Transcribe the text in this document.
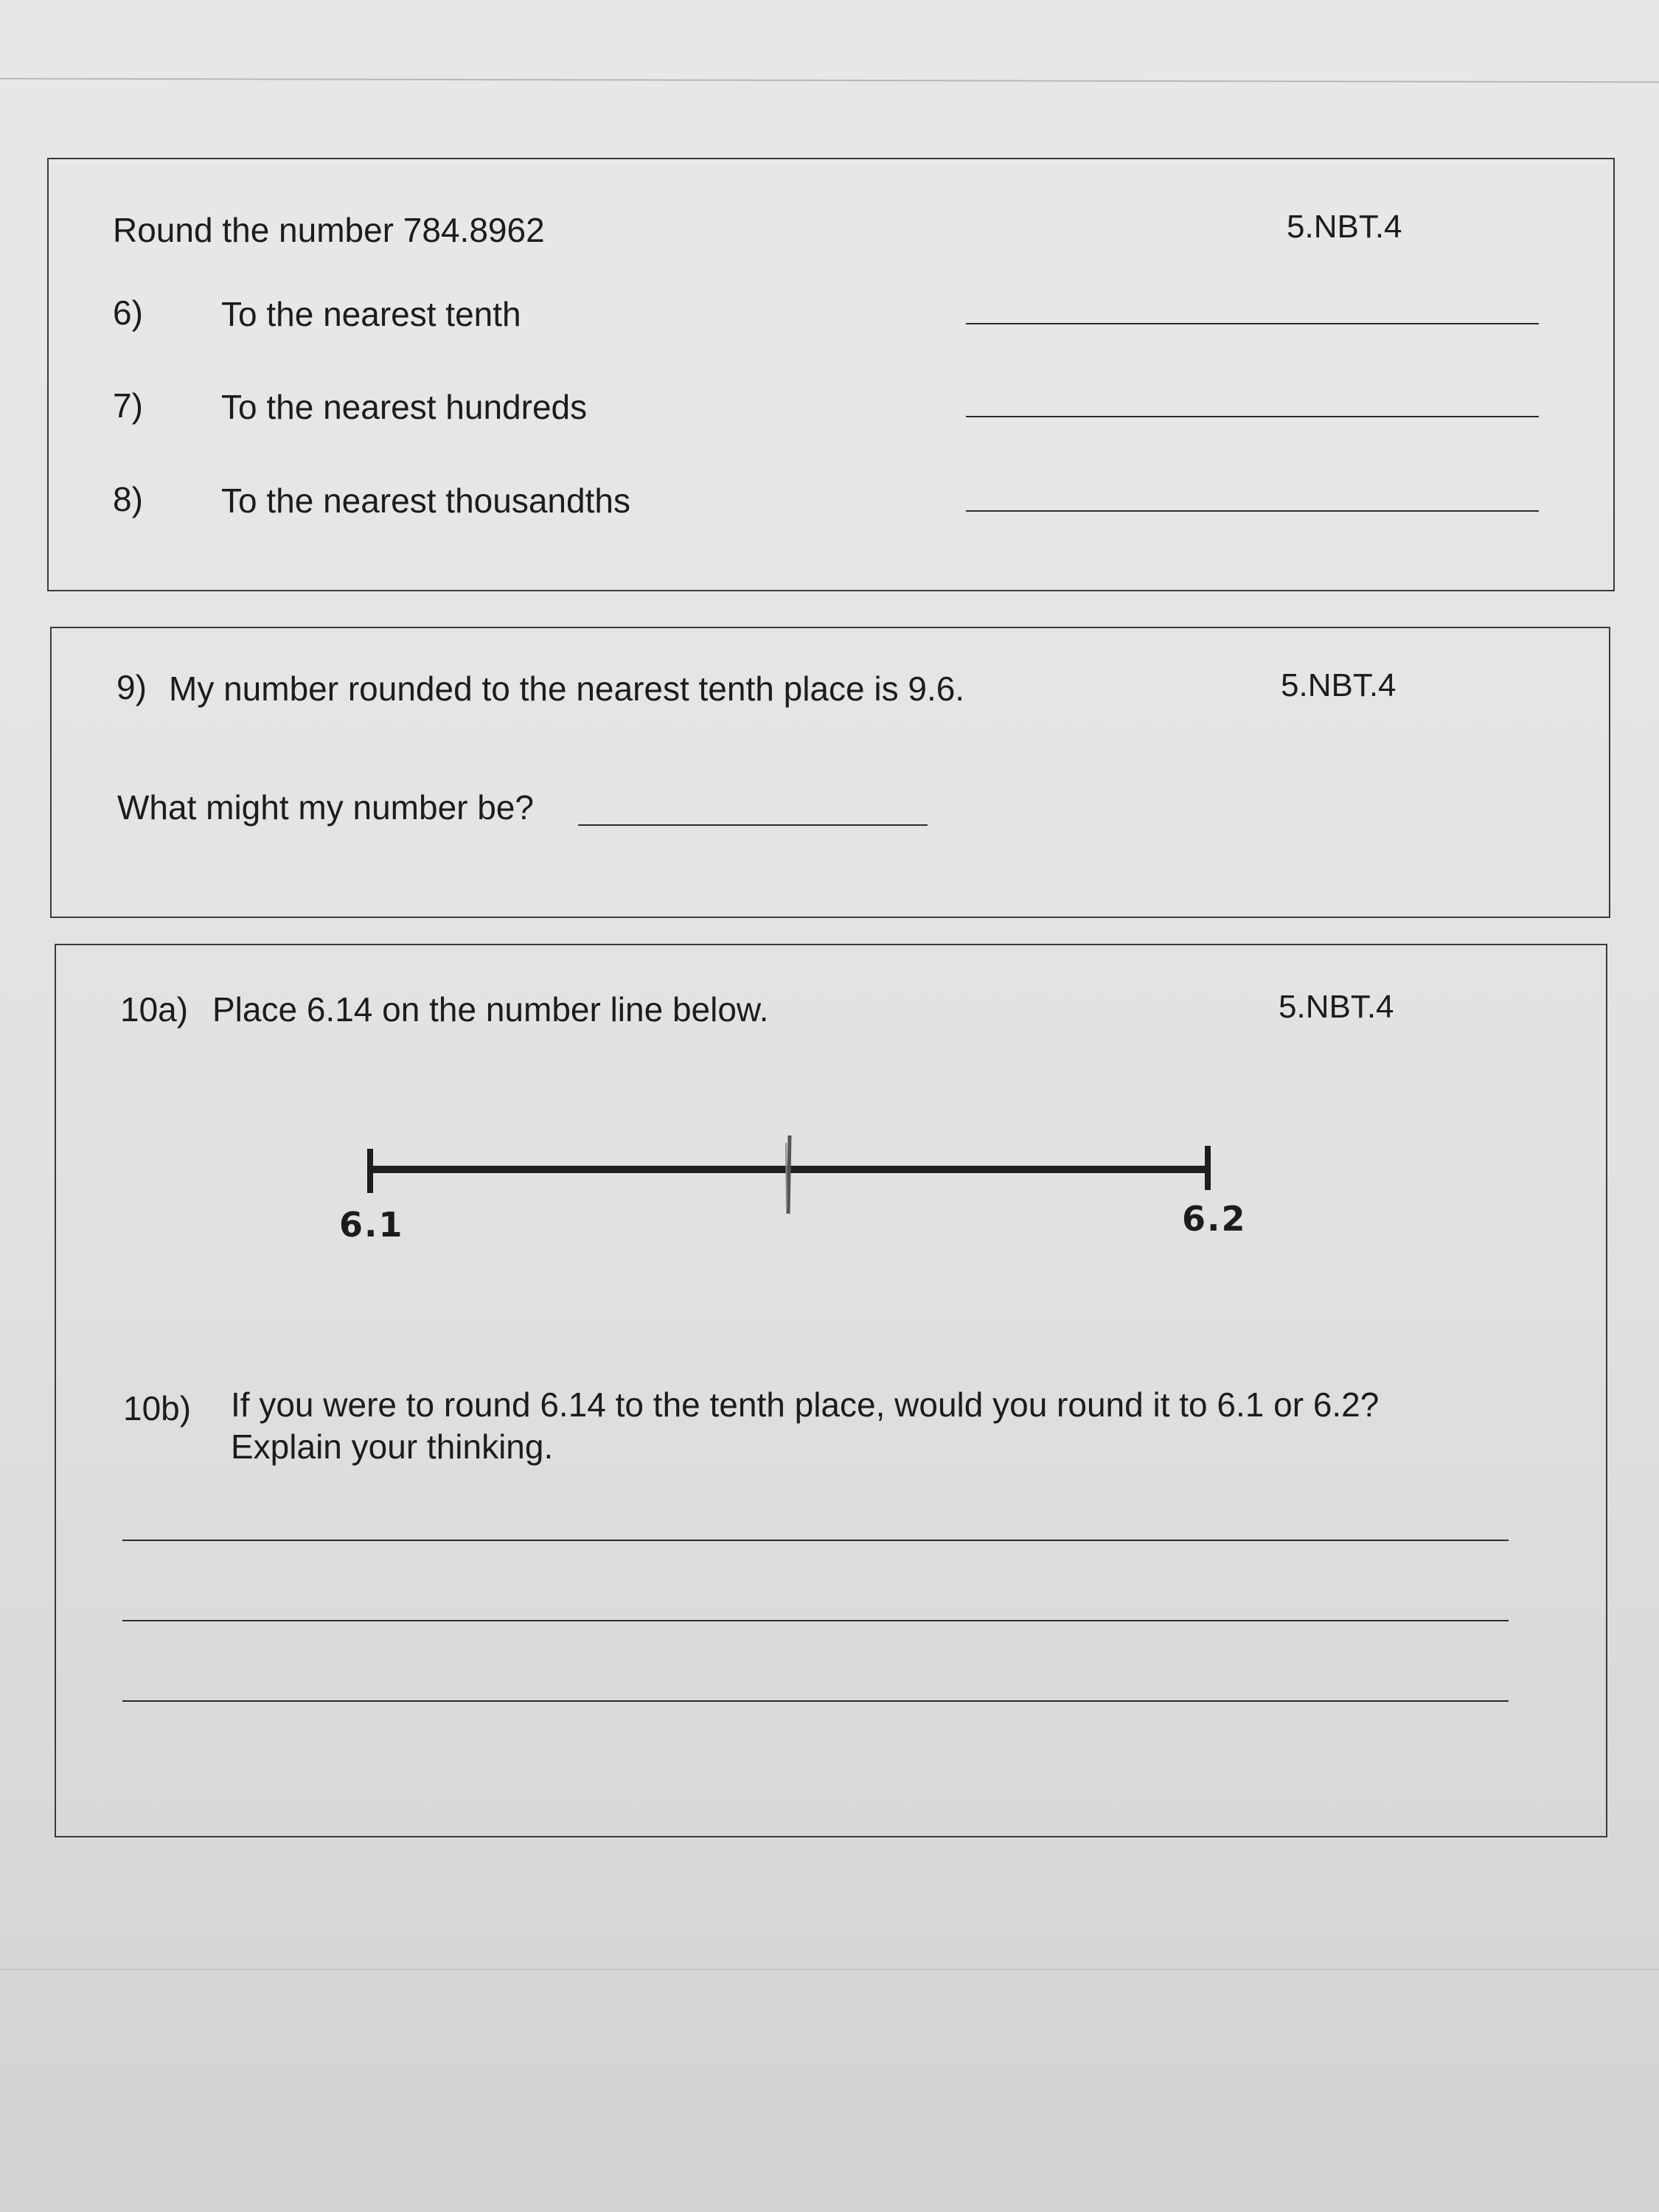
Round the number 784.8962	5.NBT.4
6) To the nearest tenth
7) To the nearest hundreds
8) To the nearest thousandths
9) My number rounded to the nearest tenth place is 9.6.	5.NBT.4
What might my number be?
10a) Place 6.14 on the number line below.	5.NBT.4
6.1	6.2
10b) If you were to round 6.14 to the tenth place, would you round it to 6.1 or 6.2?
Explain your thinking.
